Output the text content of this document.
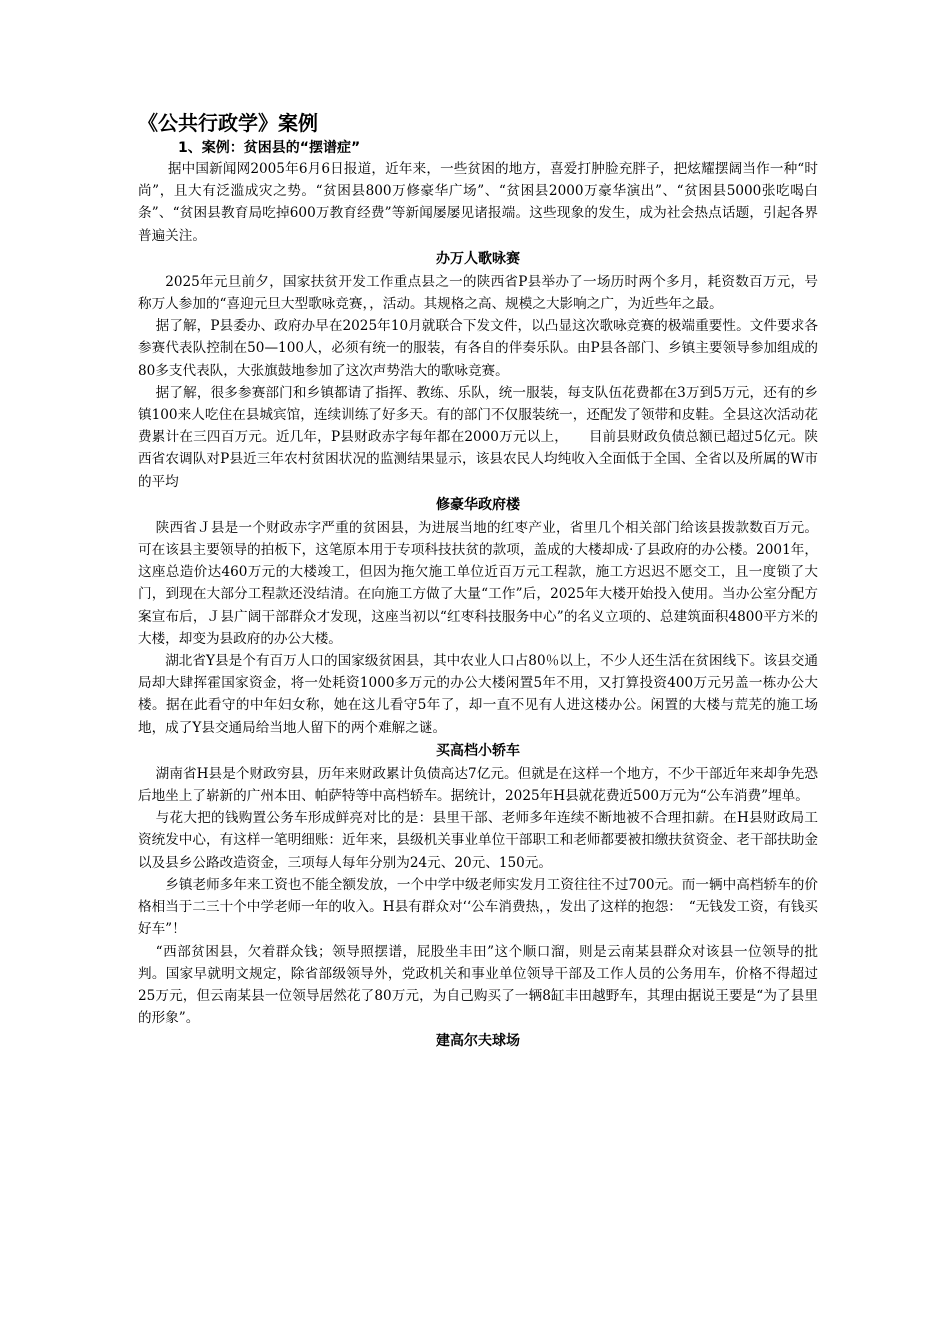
《公共行政学》案例
1、案例：贫困县的“摆谱症”

据中国新闻网2005年6月6日报道，近年来，一些贫困的地方，喜爱打肿脸充胖子，把炫耀摆阔当作一种“时尚”，且大有泛滥成灾之势。“贫困县800万修豪华广场”、“贫困县2000万豪华演出”、“贫困县5000张吃喝白条”、“贫困县教育局吃掉600万教育经费”等新闻屡屡见诸报端。这些现象的发生，成为社会热点话题，引起各界普遍关注。

办万人歌咏赛

2025年元旦前夕，国家扶贫开发工作重点县之一的陕西省P县举办了一场历时两个多月，耗资数百万元，号称万人参加的“喜迎元旦大型歌咏竞赛，，活动。其规格之高、规模之大影响之广，为近些年之最。

据了解，P县委办、政府办早在2025年10月就联合下发文件，以凸显这次歌咏竞赛的极端重要性。文件要求各参赛代表队控制在50—100人，必须有统一的服装，有各自的伴奏乐队。由P县各部门、乡镇主要领导参加组成的80多支代表队，大张旗鼓地参加了这次声势浩大的歌咏竞赛。

据了解，很多参赛部门和乡镇都请了指挥、教练、乐队，统一服装，每支队伍花费都在3万到5万元，还有的乡镇100来人吃住在县城宾馆，连续训练了好多天。有的部门不仅服装统一，还配发了领带和皮鞋。全县这次活动花费累计在三四百万元。近几年，P县财政赤字每年都在2000万元以上，　　目前县财政负债总额已超过5亿元。陕西省农调队对P县近三年农村贫困状况的监测结果显示，该县农民人均纯收入全面低于全国、全省以及所属的W市的平均

修豪华政府楼

陕西省Ｊ县是一个财政赤字严重的贫困县，为进展当地的红枣产业，省里几个相关部门给该县拨款数百万元。可在该县主要领导的拍板下，这笔原本用于专项科技扶贫的款项，盖成的大楼却成·了县政府的办公楼。2001年，这座总造价达460万元的大楼竣工，但因为拖欠施工单位近百万元工程款，施工方迟迟不愿交工，且一度锁了大门，到现在大部分工程款还没结清。在向施工方做了大量“工作”后，2025年大楼开始投入使用。当办公室分配方案宣布后，Ｊ县广阔干部群众才发现，这座当初以“红枣科技服务中心”的名义立项的、总建筑面积4800平方米的大楼，却变为县政府的办公大楼。

湖北省Y县是个有百万人口的国家级贫困县，其中农业人口占80％以上，不少人还生活在贫困线下。该县交通局却大肆挥霍国家资金，将一处耗资1000多万元的办公大楼闲置5年不用，又打算投资400万元另盖一栋办公大楼。据在此看守的中年妇女称，她在这儿看守5年了，却一直不见有人进这楼办公。闲置的大楼与荒芜的施工场地，成了Y县交通局给当地人留下的两个难解之谜。

买高档小轿车

湖南省H县是个财政穷县，历年来财政累计负债高达7亿元。但就是在这样一个地方，不少干部近年来却争先恐后地坐上了崭新的广州本田、帕萨特等中高档轿车。据统计，2025年H县就花费近500万元为“公车消费”埋单。

与花大把的钱购置公务车形成鲜亮对比的是：县里干部、老师多年连续不断地被不合理扣薪。在H县财政局工资统发中心，有这样一笔明细账：近年来，县级机关事业单位干部职工和老师都要被扣缴扶贫资金、老干部扶助金以及县乡公路改造资金，三项每人每年分别为24元、20元、150元。

乡镇老师多年来工资也不能全额发放，一个中学中级老师实发月工资往往不过700元。而一辆中高档轿车的价格相当于二三十个中学老师一年的收入。H县有群众对‘‘公车消费热，，发出了这样的抱怨：　“无钱发工资，有钱买好车”！

“西部贫困县，欠着群众钱；领导照摆谱，屁股坐丰田”这个顺口溜，则是云南某县群众对该县一位领导的批判。国家早就明文规定，除省部级领导外，党政机关和事业单位领导干部及工作人员的公务用车，价格不得超过25万元，但云南某县一位领导居然花了80万元，为自己购买了一辆8缸丰田越野车，其理由据说王要是“为了县里的形象”。

建高尔夫球场
